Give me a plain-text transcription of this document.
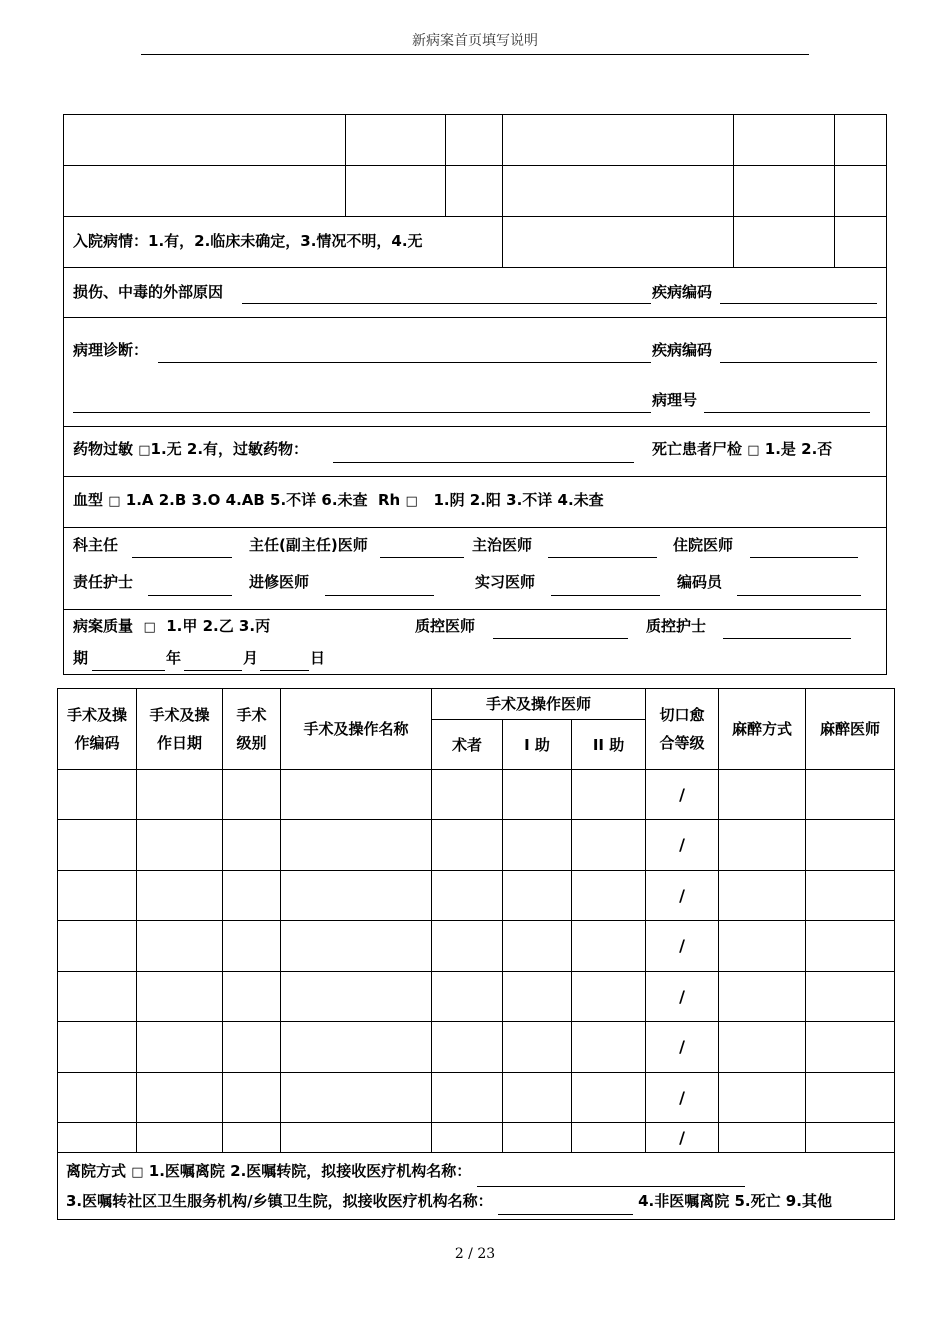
新病案首页填写说明
入院病情：1.有，2.临床未确定，3.情况不明，4.无
损伤、中毒的外部原因	疾病编码
病理诊断：	疾病编码
病理号
药物过敏 □1.无 2.有，过敏药物：	死亡患者尸检 □ 1.是 2.否
血型 □ 1.A 2.B 3.O 4.AB 5.不详 6.未查 Rh □ 1.阴 2.阳 3.不详 4.未查
科主任	主任(副主任)医师	主治医师	住院医师
责任护士	进修医师	实习医师	编码员
病案质量 □ 1.甲 2.乙 3.丙	质控医师	质控护士
期	年	月	日
手术及操作编码	手术及操作日期	手术级别	手术及操作名称	手术及操作医师			切口愈合等级	麻醉方式	麻醉医师
				术者	I 助	II 助			
							/		
							/		
							/		
							/		
							/		
							/		
							/		
							/		

离院方式 □ 1.医嘱离院 2.医嘱转院，拟接收医疗机构名称：
3.医嘱转社区卫生服务机构/乡镇卫生院，拟接收医疗机构名称： 4.非医嘱离院 5.死亡 9.其他									
2 / 23
